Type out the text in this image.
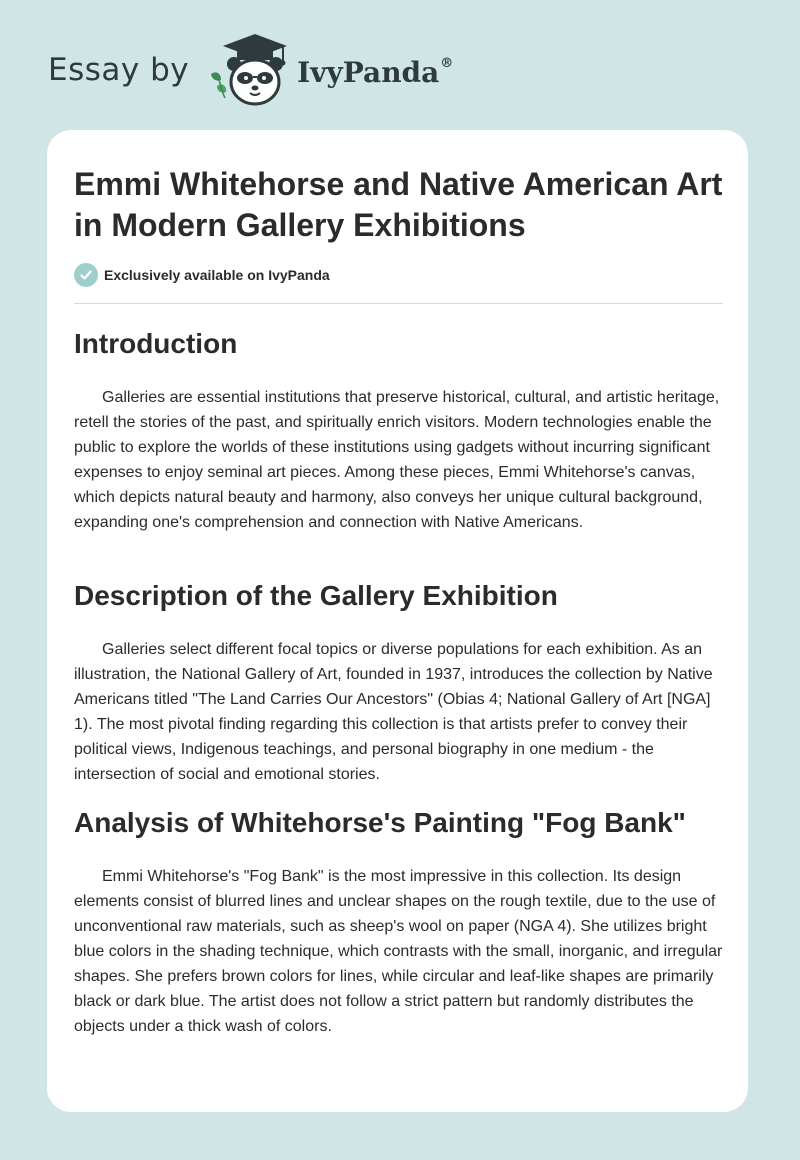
Essay by	IvyPanda®
Emmi Whitehorse and Native American Art in Modern Gallery Exhibitions
Exclusively available on IvyPanda
Introduction

Galleries are essential institutions that preserve historical, cultural, and artistic heritage, retell the stories of the past, and spiritually enrich visitors. Modern technologies enable the public to explore the worlds of these institutions using gadgets without incurring significant expenses to enjoy seminal art pieces. Among these pieces, Emmi Whitehorse's canvas, which depicts natural beauty and harmony, also conveys her unique cultural background, expanding one's comprehension and connection with Native Americans.

Description of the Gallery Exhibition

Galleries select different focal topics or diverse populations for each exhibition. As an illustration, the National Gallery of Art, founded in 1937, introduces the collection by Native Americans titled "The Land Carries Our Ancestors" (Obias 4; National Gallery of Art [NGA] 1). The most pivotal finding regarding this collection is that artists prefer to convey their political views, Indigenous teachings, and personal biography in one medium - the intersection of social and emotional stories.

Analysis of Whitehorse's Painting "Fog Bank"

Emmi Whitehorse's "Fog Bank" is the most impressive in this collection. Its design elements consist of blurred lines and unclear shapes on the rough textile, due to the use of unconventional raw materials, such as sheep's wool on paper (NGA 4). She utilizes bright blue colors in the shading technique, which contrasts with the small, inorganic, and irregular shapes. She prefers brown colors for lines, while circular and leaf-like shapes are primarily black or dark blue. The artist does not follow a strict pattern but randomly distributes the objects under a thick wash of colors.
